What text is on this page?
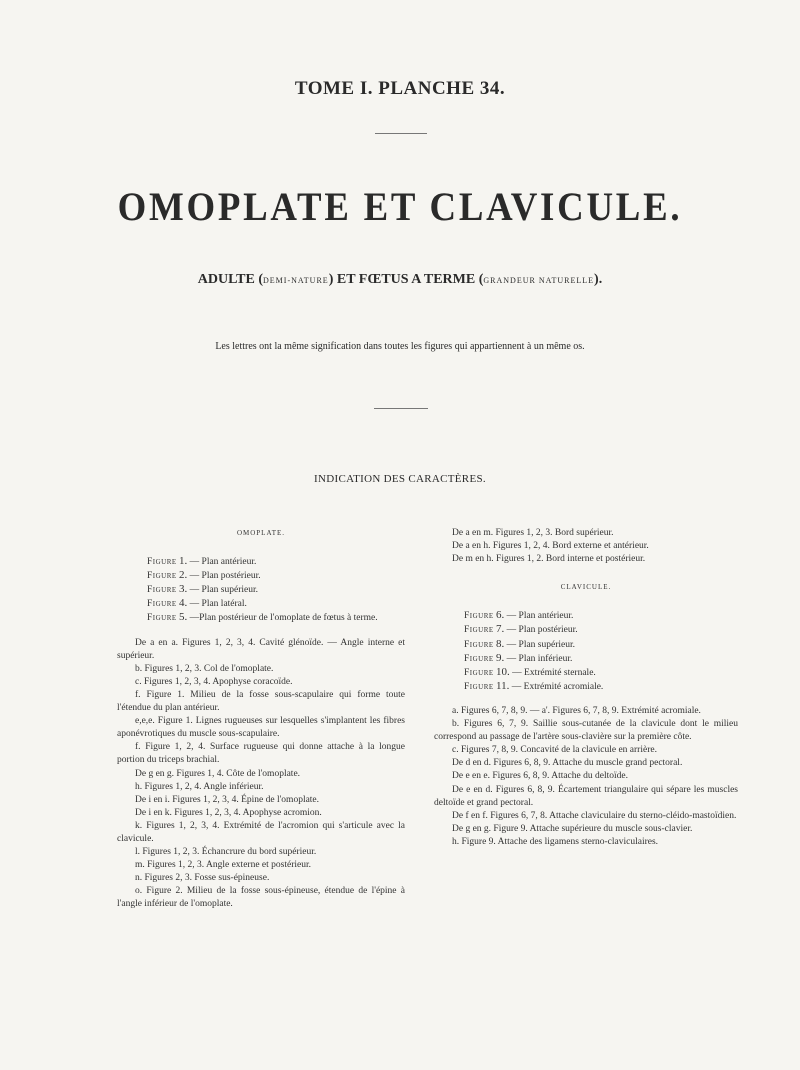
TOME I. PLANCHE 34.
OMOPLATE ET CLAVICULE.
ADULTE (DEMI-NATURE) ET FŒTUS A TERME (GRANDEUR NATURELLE).
Les lettres ont la même signification dans toutes les figures qui appartiennent à un même os.
INDICATION DES CARACTÈRES.

OMOPLATE.

Figure 1. — Plan antérieur.
Figure 2. — Plan postérieur.
Figure 3. — Plan supérieur.
Figure 4. — Plan latéral.
Figure 5. —Plan postérieur de l'omoplate de fœtus à terme.

De a en a. Figures 1, 2, 3, 4. Cavité glénoïde. — Angle interne et supérieur.

b. Figures 1, 2, 3. Col de l'omoplate.

c. Figures 1, 2, 3, 4. Apophyse coracoïde.

f. Figure 1. Milieu de la fosse sous-scapulaire qui forme toute l'étendue du plan antérieur.

e,e,e. Figure 1. Lignes rugueuses sur lesquelles s'implantent les fibres aponévrotiques du muscle sous-scapulaire.

f. Figure 1, 2, 4. Surface rugueuse qui donne attache à la longue portion du triceps brachial.

De g en g. Figures 1, 4. Côte de l'omoplate.

h. Figures 1, 2, 4. Angle inférieur.

De i en i. Figures 1, 2, 3, 4. Épine de l'omoplate.

De i en k. Figures 1, 2, 3, 4. Apophyse acromion.

k. Figures 1, 2, 3, 4. Extrémité de l'acromion qui s'articule avec la clavicule.

l. Figures 1, 2, 3. Échancrure du bord supérieur.

m. Figures 1, 2, 3. Angle externe et postérieur.

n. Figures 2, 3. Fosse sus-épineuse.

o. Figure 2. Milieu de la fosse sous-épineuse, étendue de l'épine à l'angle inférieur de l'omoplate.

De a en m. Figures 1, 2, 3. Bord supérieur.

De a en h. Figures 1, 2, 4. Bord externe et antérieur.

De m en h. Figures 1, 2. Bord interne et postérieur.

CLAVICULE.

Figure 6. — Plan antérieur.
Figure 7. — Plan postérieur.
Figure 8. — Plan supérieur.
Figure 9. — Plan inférieur.
Figure 10. — Extrémité sternale.
Figure 11. — Extrémité acromiale.

a. Figures 6, 7, 8, 9. — a'. Figures 6, 7, 8, 9. Extrémité acromiale.

b. Figures 6, 7, 9. Saillie sous-cutanée de la clavicule dont le milieu correspond au passage de l'artère sous-clavière sur la première côte.

c. Figures 7, 8, 9. Concavité de la clavicule en arrière.

De d en d. Figures 6, 8, 9. Attache du muscle grand pectoral.

De e en e. Figures 6, 8, 9. Attache du deltoïde.

De e en d. Figures 6, 8, 9. Écartement triangulaire qui sépare les muscles deltoïde et grand pectoral.

De f en f. Figures 6, 7, 8. Attache claviculaire du sterno-cléido-mastoïdien.

De g en g. Figure 9. Attache supérieure du muscle sous-clavier.

h. Figure 9. Attache des ligamens sterno-claviculaires.
